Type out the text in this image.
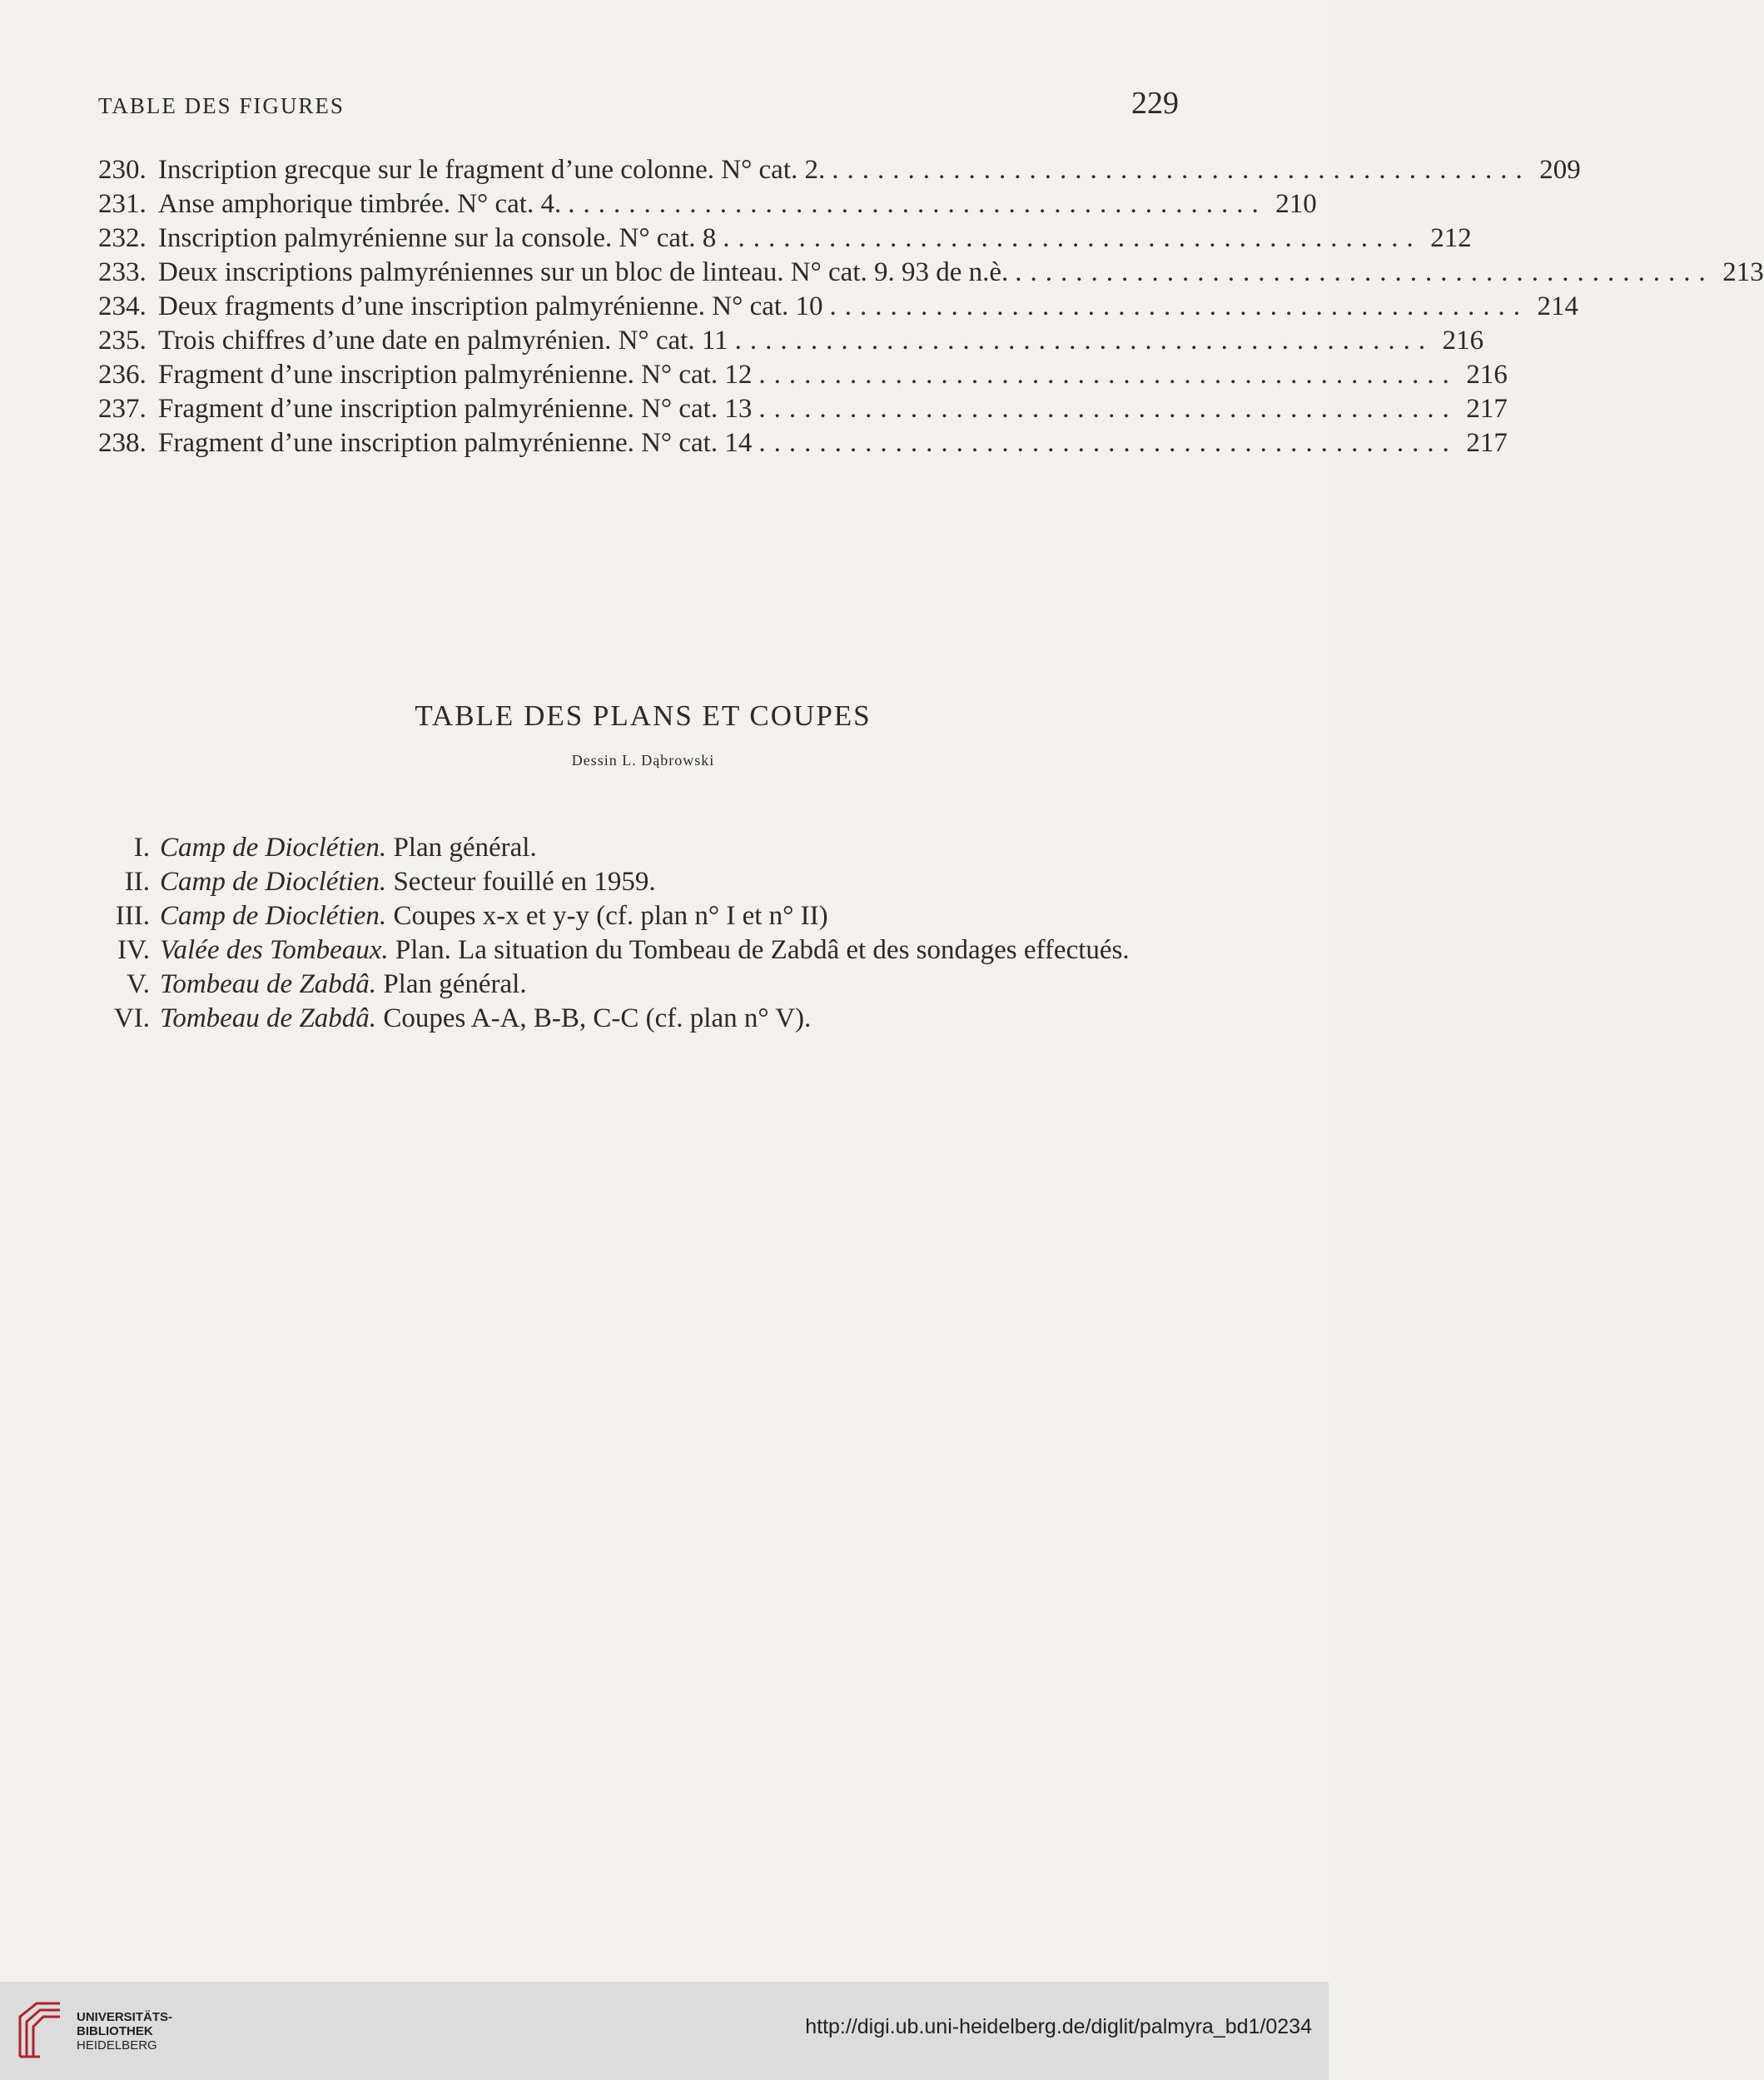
TABLE DES FIGURES	229
230. Inscription grecque sur le fragment d’une colonne. N° cat. 2. .............................................. 209
231. Anse amphorique timbrée. N° cat. 4. .............................................. 210
232. Inscription palmyrénienne sur la console. N° cat. 8 .............................................. 212
233. Deux inscriptions palmyréniennes sur un bloc de linteau. N° cat. 9. 93 de n.è. .............................................. 213
234. Deux fragments d’une inscription palmyrénienne. N° cat. 10 .............................................. 214
235. Trois chiffres d’une date en palmyrénien. N° cat. 11 .............................................. 216
236. Fragment d’une inscription palmyrénienne. N° cat. 12 .............................................. 216
237. Fragment d’une inscription palmyrénienne. N° cat. 13 .............................................. 217
238. Fragment d’une inscription palmyrénienne. N° cat. 14 .............................................. 217
TABLE DES PLANS ET COUPES
Dessin L. Dąbrowski
I. Camp de Dioclétien. Plan général.
II. Camp de Dioclétien. Secteur fouillé en 1959.
III. Camp de Dioclétien. Coupes x-x et y-y (cf. plan n° I et n° II)
IV. Valée des Tombeaux. Plan. La situation du Tombeau de Zabdâ et des sondages effectués.
V. Tombeau de Zabdâ. Plan général.
VI. Tombeau de Zabdâ. Coupes A-A, B-B, C-C (cf. plan n° V).
UNIVERSITÄTS-
BIBLIOTHEK
HEIDELBERG
http://digi.ub.uni-heidelberg.de/diglit/palmyra_bd1/0234
